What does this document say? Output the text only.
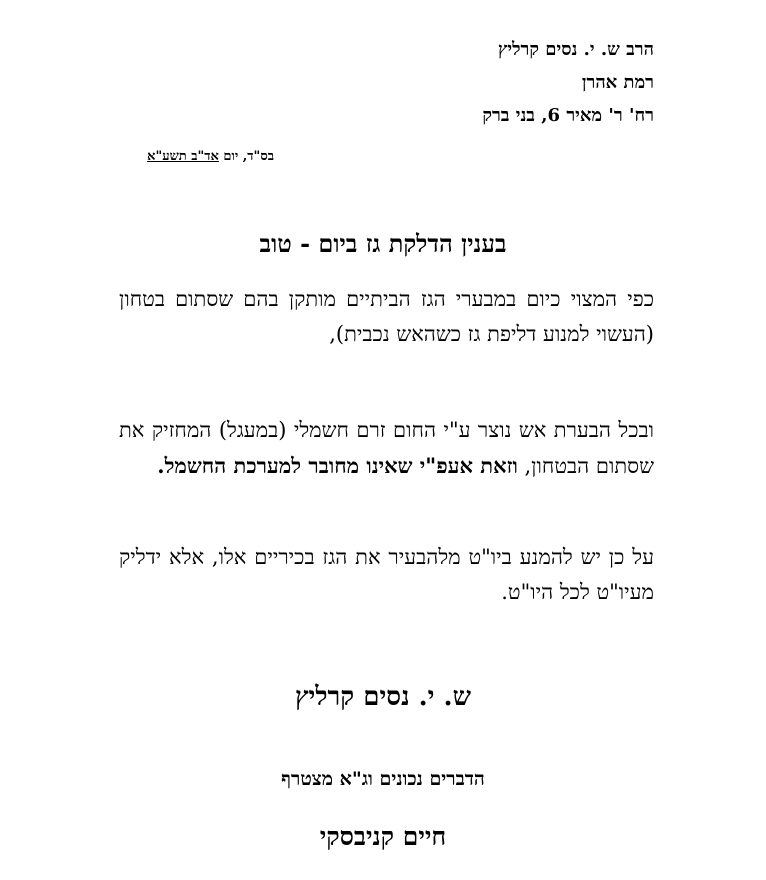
הרב ש. י. נסים קרליץ
רמת אהרן
רח' ר' מאיר 6, בני ברק
בס"ד, יום אד"ב תשע"א
בענין הדלקת גז ביום - טוב
כפי המצוי כיום במבערי הגז הביתיים מותקן בהם שסתום בטחון (העשוי למנוע דליפת גז כשהאש נכבית),
ובכל הבערת אש נוצר ע"י החום זרם חשמלי (במעגל) המחזיק את שסתום הבטחון, וזאת אעפ"י שאינו מחובר למערכת החשמל.
על כן יש להמנע ביו"ט מלהבעיר את הגז בכיריים אלו, אלא ידליק מעיו"ט לכל היו"ט.
ש. י. נסים קרליץ
הדברים נכונים וג"א מצטרף
חיים קניבסקי
